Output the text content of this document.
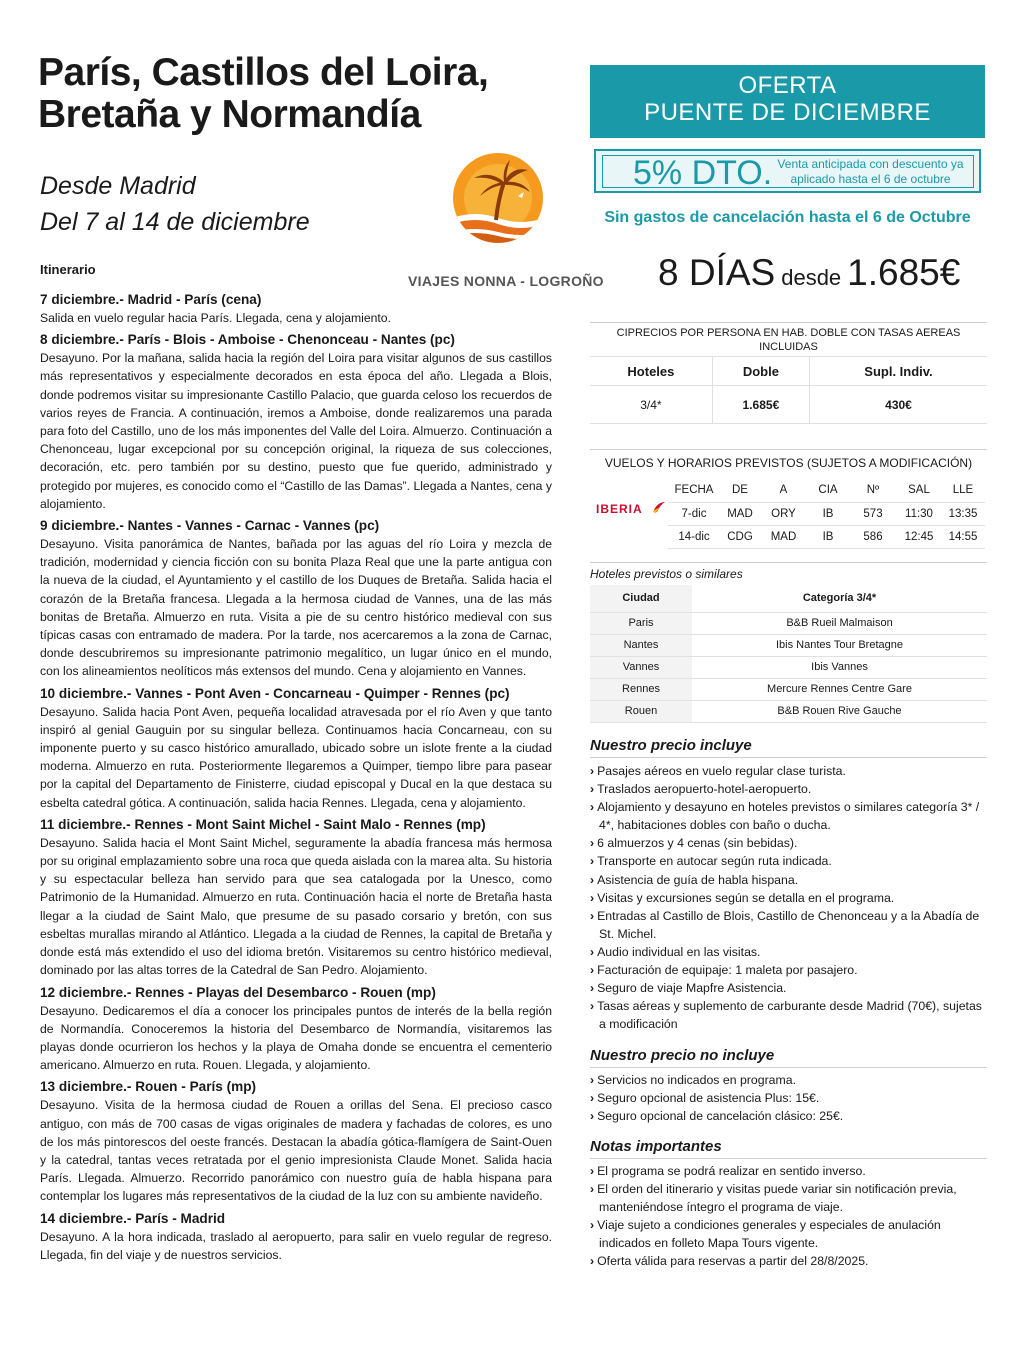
París, Castillos del Loira,
Bretaña y Normandía
Desde Madrid
Del 7 al 14 de diciembre
VIAJES NONNA - LOGROÑO
OFERTA
PUENTE DE DICIEMBRE
5% DTO. Venta anticipada con descuento ya aplicado hasta el 6 de octubre
Sin gastos de cancelación hasta el 6 de Octubre
8 DÍAS desde 1.685€
Itinerario
7 diciembre.- Madrid - París (cena)
Salida en vuelo regular hacia París. Llegada, cena y alojamiento.
8 diciembre.- París - Blois - Amboise - Chenonceau - Nantes (pc)
Desayuno. Por la mañana, salida hacia la región del Loira para visitar algunos de sus castillos más representativos y especialmente decorados en esta época del año. Llegada a Blois, donde podremos visitar su impresionante Castillo Palacio, que guarda celoso los recuerdos de varios reyes de Francia. A continuación, iremos a Amboise, donde realizaremos una parada para foto del Castillo, uno de los más imponentes del Valle del Loira. Almuerzo. Continuación a Chenonceau, lugar excepcional por su concepción original, la riqueza de sus colecciones, decoración, etc. pero también por su destino, puesto que fue querido, administrado y protegido por mujeres, es conocido como el “Castillo de las Damas”. Llegada a Nantes, cena y alojamiento.
9 diciembre.- Nantes - Vannes - Carnac - Vannes (pc)
Desayuno. Visita panorámica de Nantes, bañada por las aguas del río Loira y mezcla de tradición, modernidad y ciencia ficción con su bonita Plaza Real que une la parte antigua con la nueva de la ciudad, el Ayuntamiento y el castillo de los Duques de Bretaña. Salida hacia el corazón de la Bretaña francesa. Llegada a la hermosa ciudad de Vannes, una de las más bonitas de Bretaña. Almuerzo en ruta. Visita a pie de su centro histórico medieval con sus típicas casas con entramado de madera. Por la tarde, nos acercaremos a la zona de Carnac, donde descubriremos su impresionante patrimonio megalítico, un lugar único en el mundo, con los alineamientos neolíticos más extensos del mundo. Cena y alojamiento en Vannes.
10 diciembre.- Vannes - Pont Aven - Concarneau - Quimper - Rennes (pc)
Desayuno. Salida hacia Pont Aven, pequeña localidad atravesada por el río Aven y que tanto inspiró al genial Gauguin por su singular belleza. Continuamos hacia Concarneau, con su imponente puerto y su casco histórico amurallado, ubicado sobre un islote frente a la ciudad moderna. Almuerzo en ruta. Posteriormente llegaremos a Quimper, tiempo libre para pasear por la capital del Departamento de Finisterre, ciudad episcopal y Ducal en la que destaca su esbelta catedral gótica. A continuación, salida hacia Rennes. Llegada, cena y alojamiento.
11 diciembre.- Rennes - Mont Saint Michel - Saint Malo - Rennes (mp)
Desayuno. Salida hacia el Mont Saint Michel, seguramente la abadía francesa más hermosa por su original emplazamiento sobre una roca que queda aislada con la marea alta. Su historia y su espectacular belleza han servido para que sea catalogada por la Unesco, como Patrimonio de la Humanidad. Almuerzo en ruta. Continuación hacia el norte de Bretaña hasta llegar a la ciudad de Saint Malo, que presume de su pasado corsario y bretón, con sus esbeltas murallas mirando al Atlántico. Llegada a la ciudad de Rennes, la capital de Bretaña y donde está más extendido el uso del idioma bretón. Visitaremos su centro histórico medieval, dominado por las altas torres de la Catedral de San Pedro. Alojamiento.
12 diciembre.- Rennes - Playas del Desembarco - Rouen (mp)
Desayuno. Dedicaremos el día a conocer los principales puntos de interés de la bella región de Normandía. Conoceremos la historia del Desembarco de Normandía, visitaremos las playas donde ocurrieron los hechos y la playa de Omaha donde se encuentra el cementerio americano. Almuerzo en ruta. Rouen. Llegada, y alojamiento.
13 diciembre.- Rouen - París (mp)
Desayuno. Visita de la hermosa ciudad de Rouen a orillas del Sena. El precioso casco antiguo, con más de 700 casas de vigas originales de madera y fachadas de colores, es uno de los más pintorescos del oeste francés. Destacan la abadía gótica-flamígera de Saint-Ouen y la catedral, tantas veces retratada por el genio impresionista Claude Monet. Salida hacia París. Llegada. Almuerzo. Recorrido panorámico con nuestro guía de habla hispana para contemplar los lugares más representativos de la ciudad de la luz con su ambiente navideño.
14 diciembre.- París - Madrid
Desayuno. A la hora indicada, traslado al aeropuerto, para salir en vuelo regular de regreso. Llegada, fin del viaje y de nuestros servicios.
CIPRECIOS POR PERSONA EN HAB. DOBLE CON TASAS AEREAS INCLUIDAS
Hoteles	Doble	Supl. Indiv.
3/4*	1.685€	430€
VUELOS Y HORARIOS PREVISTOS (SUJETOS A MODIFICACIÓN)
IBERIA
FECHA	DE	A	CIA	Nº	SAL	LLE
7-dic	MAD	ORY	IB	573	11:30	13:35
14-dic	CDG	MAD	IB	586	12:45	14:55
Hoteles previstos o similares
Ciudad	Categoría 3/4*
Paris	B&B Rueil Malmaison
Nantes	Ibis Nantes Tour Bretagne
Vannes	Ibis Vannes
Rennes	Mercure Rennes Centre Gare
Rouen	B&B Rouen Rive Gauche
Nuestro precio incluye
› Pasajes aéreos en vuelo regular clase turista.
› Traslados aeropuerto-hotel-aeropuerto.
› Alojamiento y desayuno en hoteles previstos o similares categoría 3* / 4*, habitaciones dobles con baño o ducha.
› 6 almuerzos y 4 cenas (sin bebidas).
› Transporte en autocar según ruta indicada.
› Asistencia de guía de habla hispana.
› Visitas y excursiones según se detalla en el programa.
› Entradas al Castillo de Blois, Castillo de Chenonceau y a la Abadía de St. Michel.
› Audio individual en las visitas.
› Facturación de equipaje: 1 maleta por pasajero.
› Seguro de viaje Mapfre Asistencia.
› Tasas aéreas y suplemento de carburante desde Madrid (70€), sujetas a modificación
Nuestro precio no incluye
› Servicios no indicados en programa.
› Seguro opcional de asistencia Plus: 15€.
› Seguro opcional de cancelación clásico: 25€.
Notas importantes
› El programa se podrá realizar en sentido inverso.
› El orden del itinerario y visitas puede variar sin notificación previa, manteniéndose íntegro el programa de viaje.
› Viaje sujeto a condiciones generales y especiales de anulación indicados en folleto Mapa Tours vigente.
› Oferta válida para reservas a partir del 28/8/2025.
